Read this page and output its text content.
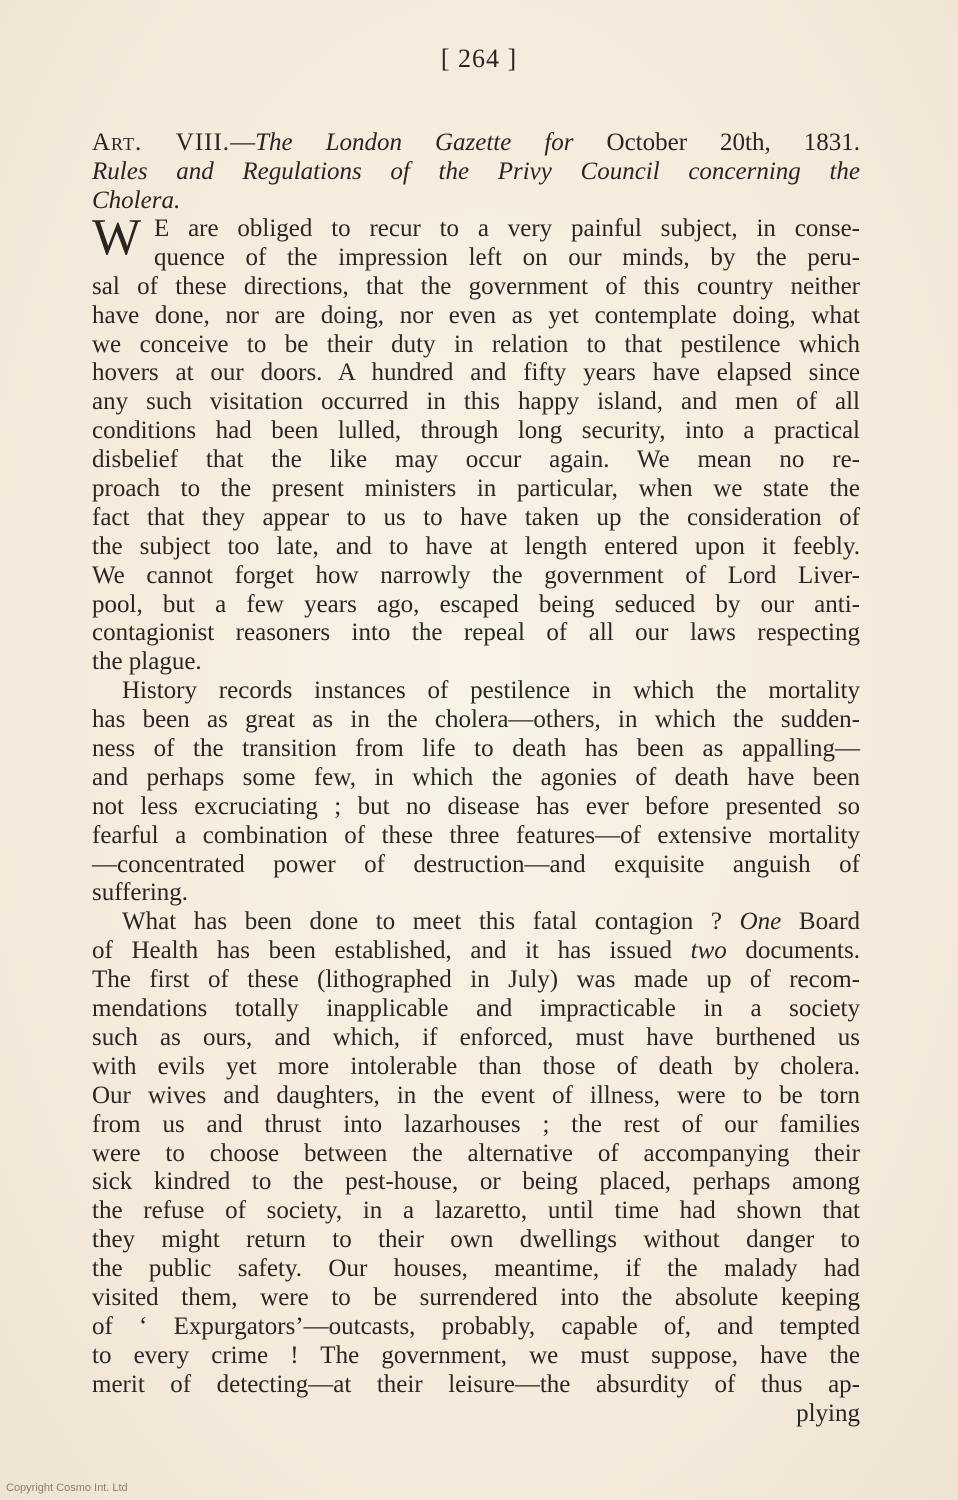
[ 264 ]
Art. VIII.—The London Gazette for October 20th, 1831.
Rules and Regulations of the Privy Council concerning the
Cholera.
W E are obliged to recur to a very painful subject, in conse-
quence of the impression left on our minds, by the peru-
sal of these directions, that the government of this country neither
have done, nor are doing, nor even as yet contemplate doing, what
we conceive to be their duty in relation to that pestilence which
hovers at our doors. A hundred and fifty years have elapsed since
any such visitation occurred in this happy island, and men of all
conditions had been lulled, through long security, into a practical
disbelief that the like may occur again. We mean no re-
proach to the present ministers in particular, when we state the
fact that they appear to us to have taken up the consideration of
the subject too late, and to have at length entered upon it feebly.
We cannot forget how narrowly the government of Lord Liver-
pool, but a few years ago, escaped being seduced by our anti-
contagionist reasoners into the repeal of all our laws respecting
the plague.
History records instances of pestilence in which the mortality
has been as great as in the cholera—others, in which the sudden-
ness of the transition from life to death has been as appalling—
and perhaps some few, in which the agonies of death have been
not less excruciating ; but no disease has ever before presented so
fearful a combination of these three features—of extensive mortality
—concentrated power of destruction—and exquisite anguish of
suffering.
What has been done to meet this fatal contagion ? One Board
of Health has been established, and it has issued two documents.
The first of these (lithographed in July) was made up of recom-
mendations totally inapplicable and impracticable in a society
such as ours, and which, if enforced, must have burthened us
with evils yet more intolerable than those of death by cholera.
Our wives and daughters, in the event of illness, were to be torn
from us and thrust into lazarhouses ; the rest of our families
were to choose between the alternative of accompanying their
sick kindred to the pest-house, or being placed, perhaps among
the refuse of society, in a lazaretto, until time had shown that
they might return to their own dwellings without danger to
the public safety. Our houses, meantime, if the malady had
visited them, were to be surrendered into the absolute keeping
of ‘ Expurgators’—outcasts, probably, capable of, and tempted
to every crime ! The government, we must suppose, have the
merit of detecting—at their leisure—the absurdity of thus ap-
plying
Copyright Cosmo Int. Ltd
